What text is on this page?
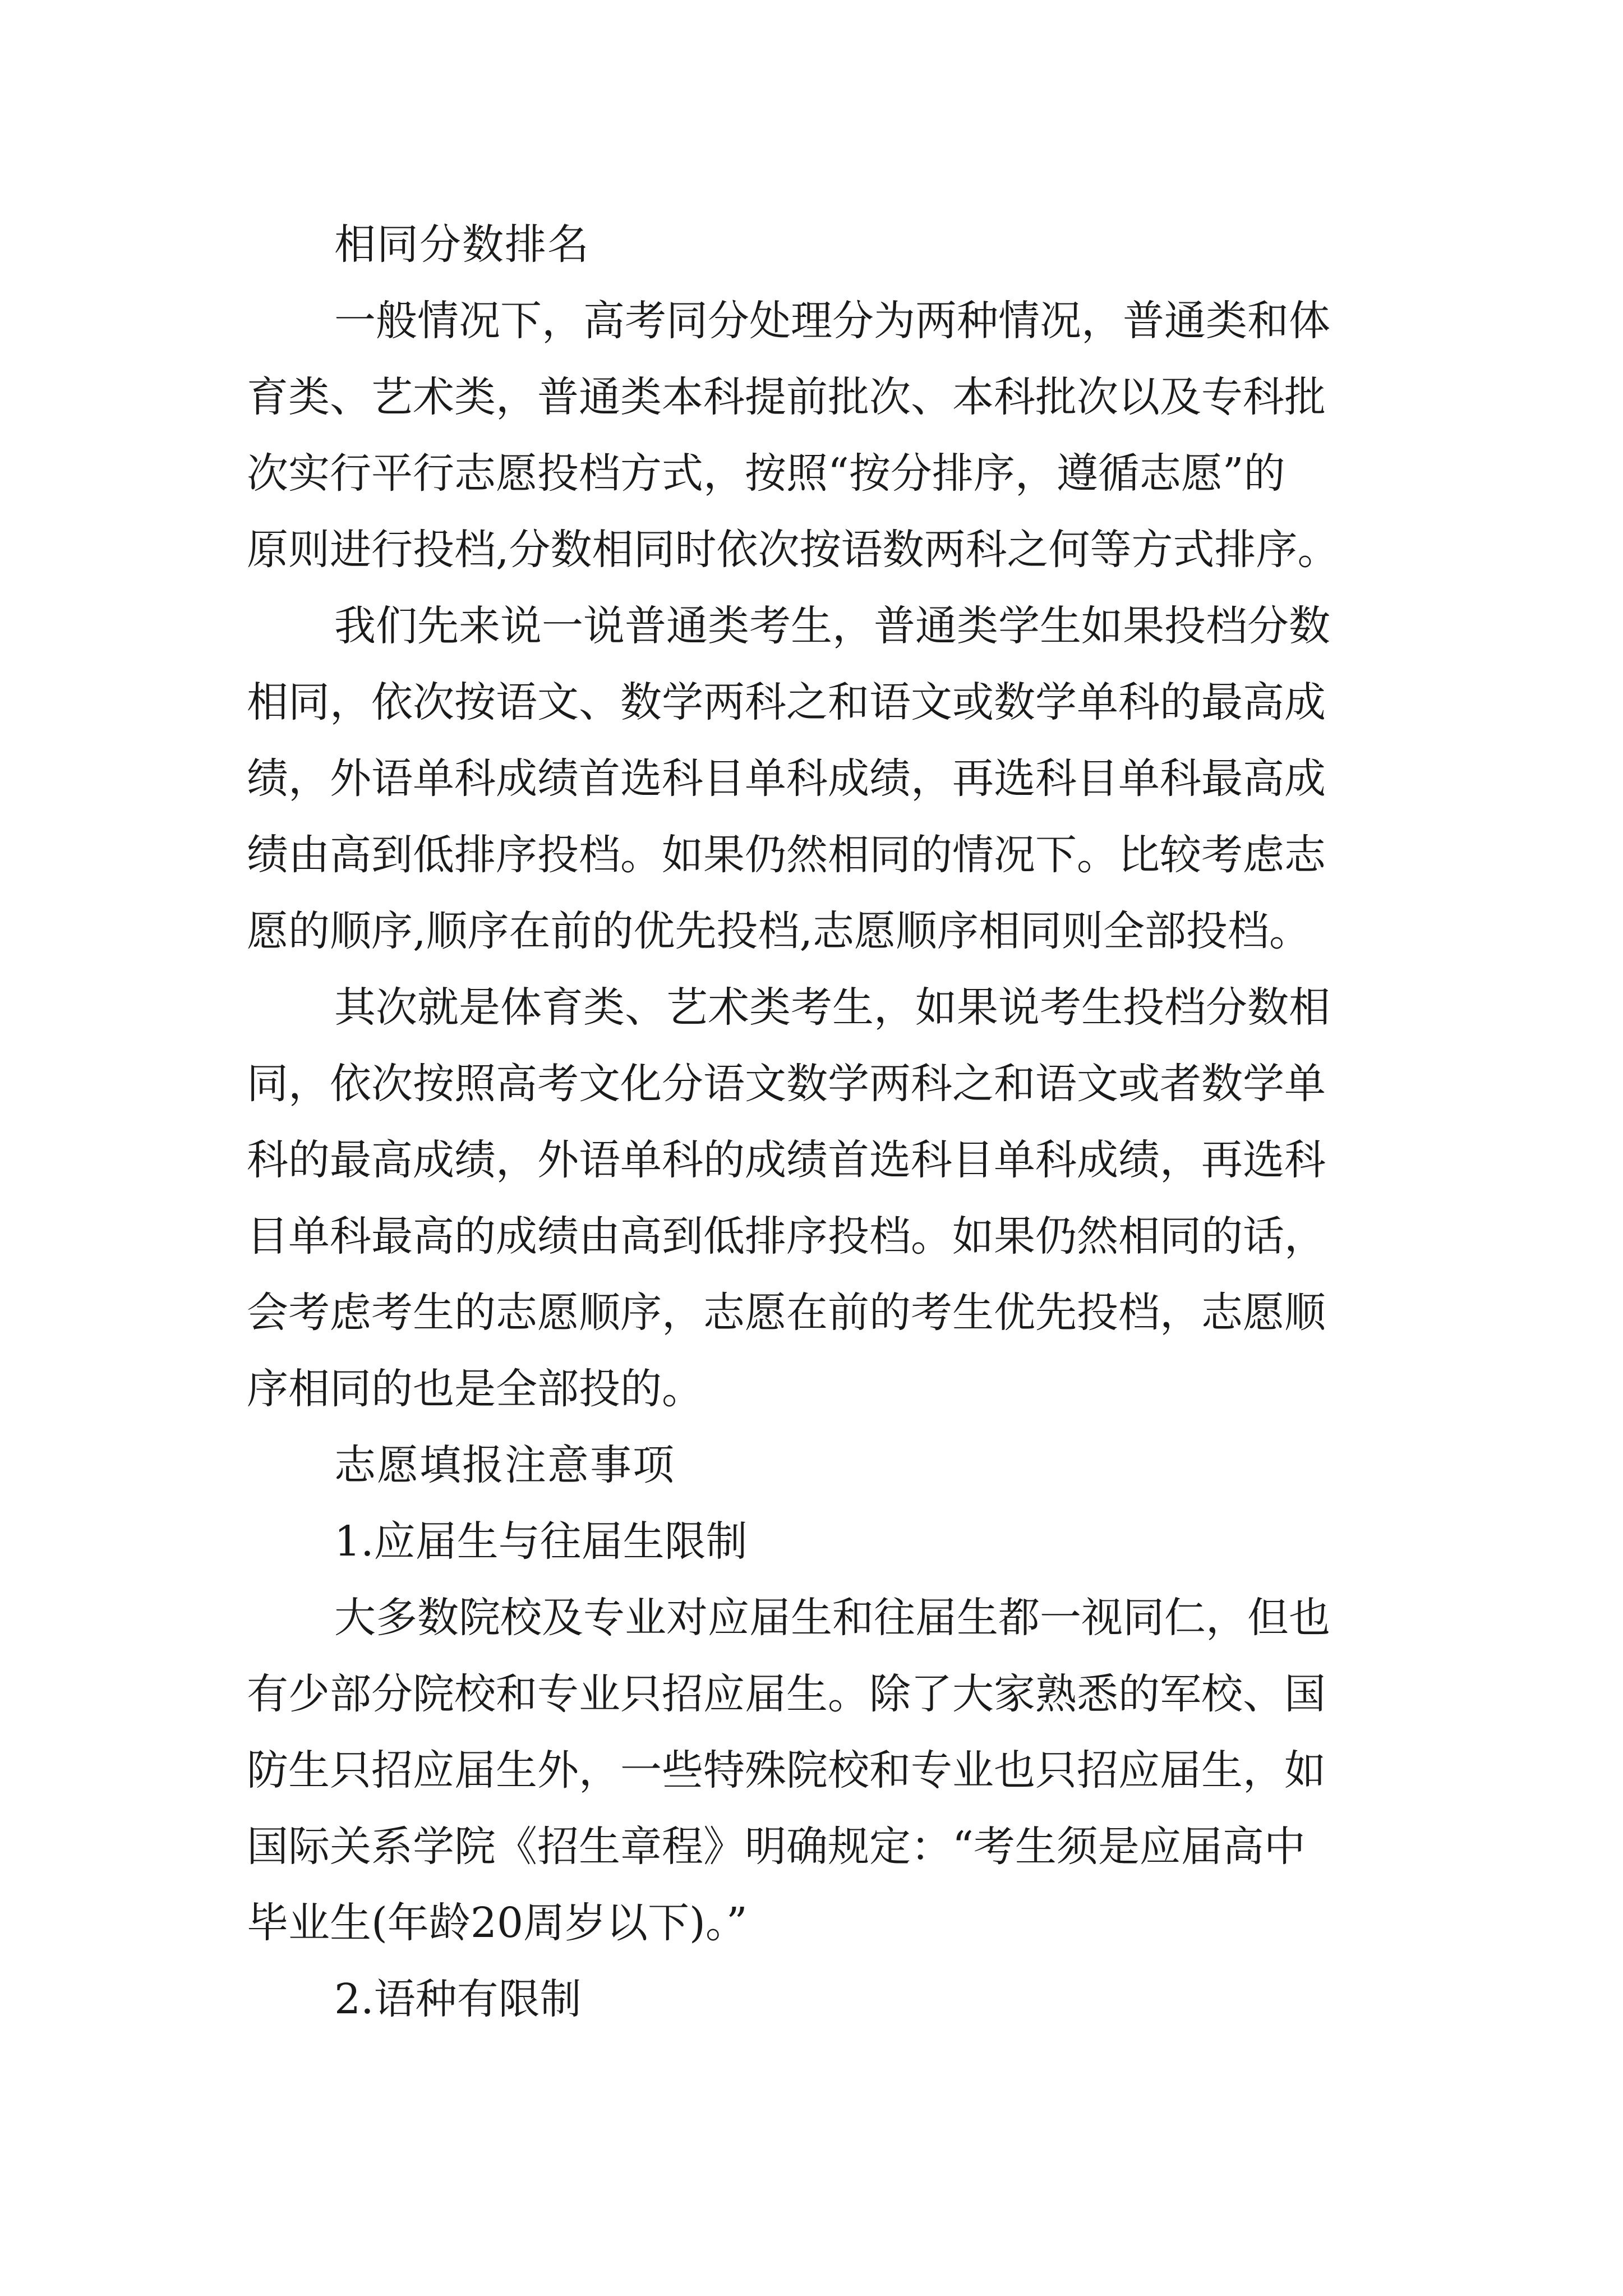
相同分数排名
一般情况下，高考同分处理分为两种情况，普通类和体
育类、艺术类，普通类本科提前批次、本科批次以及专科批
次实行平行志愿投档方式，按照“按分排序，遵循志愿”的
原则进行投档,分数相同时依次按语数两科之何等方式排序。
我们先来说一说普通类考生，普通类学生如果投档分数
相同，依次按语文、数学两科之和语文或数学单科的最高成
绩，外语单科成绩首选科目单科成绩，再选科目单科最高成
绩由高到低排序投档。如果仍然相同的情况下。比较考虑志
愿的顺序,顺序在前的优先投档,志愿顺序相同则全部投档。
其次就是体育类、艺术类考生，如果说考生投档分数相
同，依次按照高考文化分语文数学两科之和语文或者数学单
科的最高成绩，外语单科的成绩首选科目单科成绩，再选科
目单科最高的成绩由高到低排序投档。如果仍然相同的话，
会考虑考生的志愿顺序，志愿在前的考生优先投档，志愿顺
序相同的也是全部投的。
志愿填报注意事项
1.应届生与往届生限制
大多数院校及专业对应届生和往届生都一视同仁，但也
有少部分院校和专业只招应届生。除了大家熟悉的军校、国
防生只招应届生外，一些特殊院校和专业也只招应届生，如
国际关系学院《招生章程》明确规定：“考生须是应届高中
毕业生(年龄20周岁以下)。”
2.语种有限制
